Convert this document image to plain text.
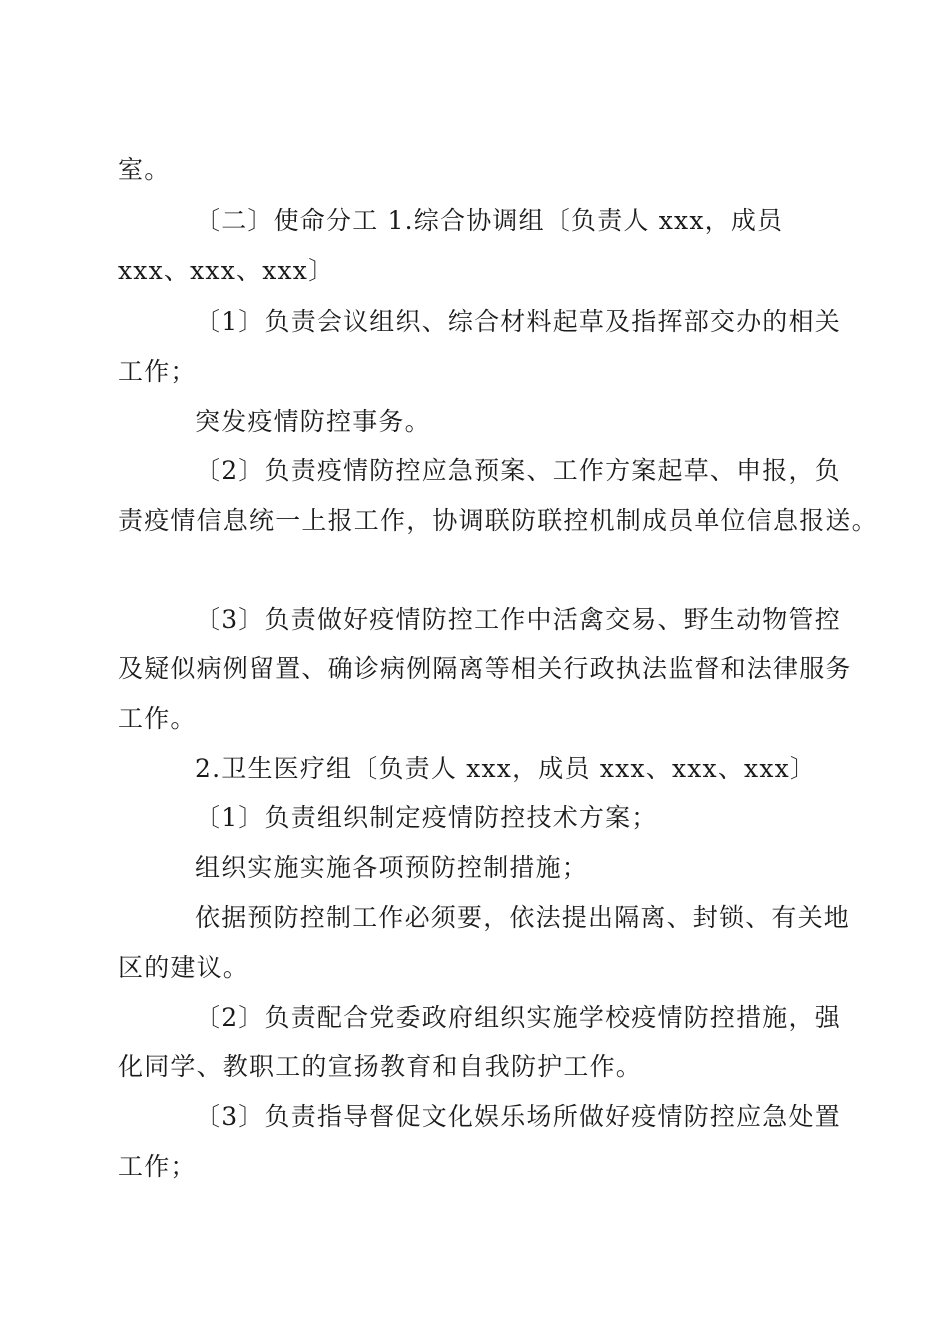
室。
〔二〕使命分工 1.综合协调组〔负责人 xxx，成员
xxx、xxx、xxx〕
〔1〕负责会议组织、综合材料起草及指挥部交办的相关
工作；
突发疫情防控事务。
〔2〕负责疫情防控应急预案、工作方案起草、申报，负
责疫情信息统一上报工作，协调联防联控机制成员单位信息报送。
〔3〕负责做好疫情防控工作中活禽交易、野生动物管控
及疑似病例留置、确诊病例隔离等相关行政执法监督和法律服务
工作。
2.卫生医疗组〔负责人 xxx，成员 xxx、xxx、xxx〕
〔1〕负责组织制定疫情防控技术方案；
组织实施实施各项预防控制措施；
依据预防控制工作必须要，依法提出隔离、封锁、有关地
区的建议。
〔2〕负责配合党委政府组织实施学校疫情防控措施，强
化同学、教职工的宣扬教育和自我防护工作。
〔3〕负责指导督促文化娱乐场所做好疫情防控应急处置
工作；
